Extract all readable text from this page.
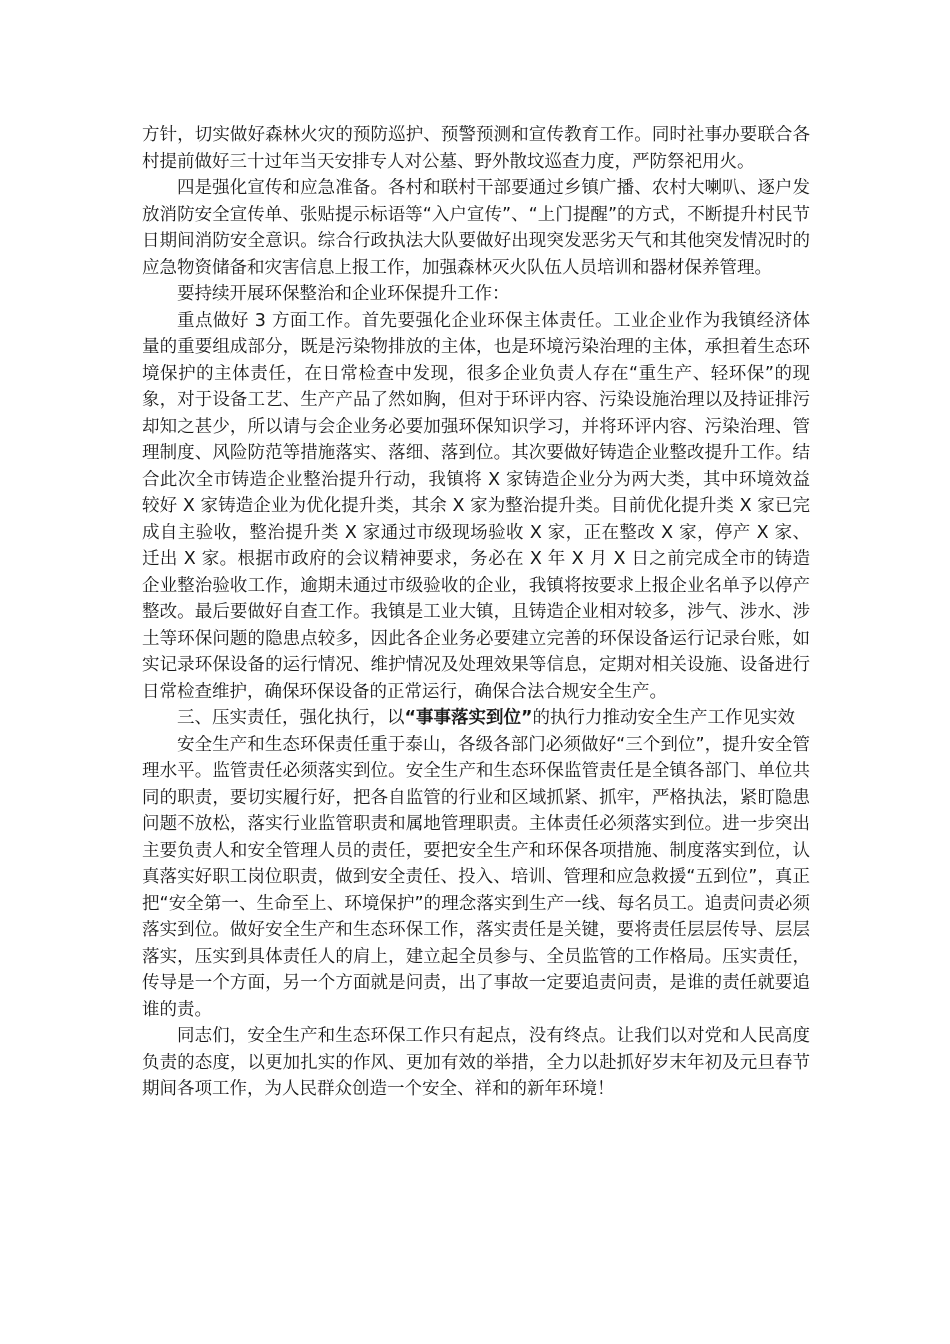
方针，切实做好森林火灾的预防巡护、预警预测和宣传教育工作。同时社事办要联合各村提前做好三十过年当天安排专人对公墓、野外散坟巡查力度，严防祭祀用火。

四是强化宣传和应急准备。各村和联村干部要通过乡镇广播、农村大喇叭、逐户发放消防安全宣传单、张贴提示标语等“入户宣传”、“上门提醒”的方式，不断提升村民节日期间消防安全意识。综合行政执法大队要做好出现突发恶劣天气和其他突发情况时的应急物资储备和灾害信息上报工作，加强森林灭火队伍人员培训和器材保养管理。

要持续开展环保整治和企业环保提升工作：

重点做好 3 方面工作。首先要强化企业环保主体责任。工业企业作为我镇经济体量的重要组成部分，既是污染物排放的主体，也是环境污染治理的主体，承担着生态环境保护的主体责任，在日常检查中发现，很多企业负责人存在“重生产、轻环保”的现象，对于设备工艺、生产产品了然如胸，但对于环评内容、污染设施治理以及持证排污却知之甚少，所以请与会企业务必要加强环保知识学习，并将环评内容、污染治理、管理制度、风险防范等措施落实、落细、落到位。其次要做好铸造企业整改提升工作。结合此次全市铸造企业整治提升行动，我镇将 X 家铸造企业分为两大类，其中环境效益较好 X 家铸造企业为优化提升类，其余 X 家为整治提升类。目前优化提升类 X 家已完成自主验收，整治提升类 X 家通过市级现场验收 X 家，正在整改 X 家，停产 X 家、迁出 X 家。根据市政府的会议精神要求，务必在 X 年 X 月 X 日之前完成全市的铸造企业整治验收工作，逾期未通过市级验收的企业，我镇将按要求上报企业名单予以停产整改。最后要做好自查工作。我镇是工业大镇，且铸造企业相对较多，涉气、涉水、涉土等环保问题的隐患点较多，因此各企业务必要建立完善的环保设备运行记录台账，如实记录环保设备的运行情况、维护情况及处理效果等信息，定期对相关设施、设备进行日常检查维护，确保环保设备的正常运行，确保合法合规安全生产。

三、压实责任，强化执行，以“事事落实到位”的执行力推动安全生产工作见实效

安全生产和生态环保责任重于泰山，各级各部门必须做好“三个到位”，提升安全管理水平。监管责任必须落实到位。安全生产和生态环保监管责任是全镇各部门、单位共同的职责，要切实履行好，把各自监管的行业和区域抓紧、抓牢，严格执法，紧盯隐患问题不放松，落实行业监管职责和属地管理职责。主体责任必须落实到位。进一步突出主要负责人和安全管理人员的责任，要把安全生产和环保各项措施、制度落实到位，认真落实好职工岗位职责，做到安全责任、投入、培训、管理和应急救援“五到位”，真正把“安全第一、生命至上、环境保护”的理念落实到生产一线、每名员工。追责问责必须落实到位。做好安全生产和生态环保工作，落实责任是关键，要将责任层层传导、层层落实，压实到具体责任人的肩上，建立起全员参与、全员监管的工作格局。压实责任，传导是一个方面，另一个方面就是问责，出了事故一定要追责问责，是谁的责任就要追谁的责。

同志们，安全生产和生态环保工作只有起点，没有终点。让我们以对党和人民高度负责的态度，以更加扎实的作风、更加有效的举措，全力以赴抓好岁末年初及元旦春节期间各项工作，为人民群众创造一个安全、祥和的新年环境！
